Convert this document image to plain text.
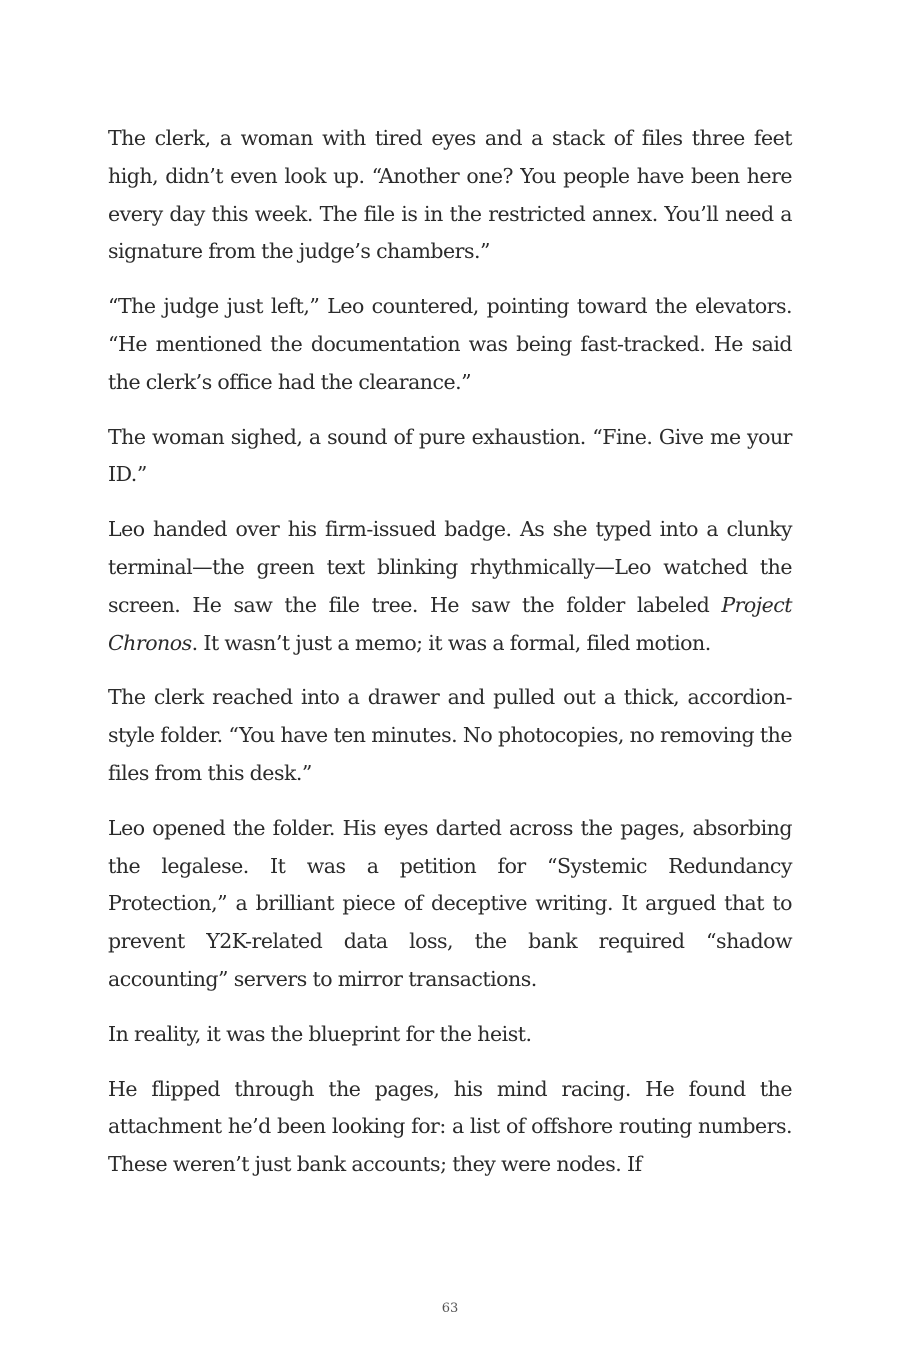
The clerk, a woman with tired eyes and a stack of files three feet high, didn’t even look up. “Another one? You people have been here every day this week. The file is in the restricted annex. You’ll need a signature from the judge’s chambers.”

“The judge just left,” Leo countered, pointing toward the elevators. “He mentioned the documentation was being fast-tracked. He said the clerk’s office had the clearance.”

The woman sighed, a sound of pure exhaustion. “Fine. Give me your ID.”

Leo handed over his firm-issued badge. As she typed into a clunky terminal—the green text blinking rhythmically—Leo watched the screen. He saw the file tree. He saw the folder labeled Project Chronos. It wasn’t just a memo; it was a formal, filed motion.

The clerk reached into a drawer and pulled out a thick, accordion-style folder. “You have ten minutes. No photocopies, no removing the files from this desk.”

Leo opened the folder. His eyes darted across the pages, absorbing the legalese. It was a petition for “Systemic Redundancy Protection,” a brilliant piece of deceptive writing. It argued that to prevent Y2K-related data loss, the bank required “shadow accounting” servers to mirror transactions.

In reality, it was the blueprint for the heist.

He flipped through the pages, his mind racing. He found the attachment he’d been looking for: a list of offshore routing numbers. These weren’t just bank accounts; they were nodes. If

63
